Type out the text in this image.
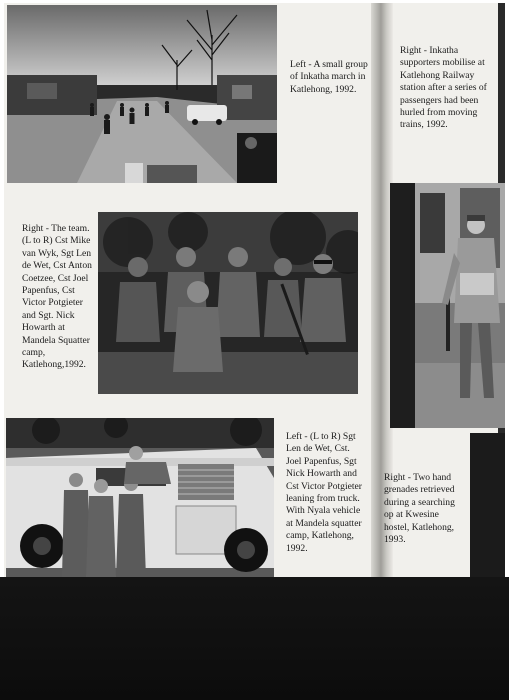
Left - A small group of Inkatha march in Katlehong, 1992.

Right - Inkatha supporters mobilise at Katlehong Railway station after a series of passengers had been hurled from moving trains, 1992.

Right - The team. (L to R) Cst Mike van Wyk, Sgt Len de Wet, Cst Anton Coetzee, Cst Joel Papenfus, Cst Victor Potgieter and Sgt. Nick Howarth at Mandela Squatter camp, Katlehong,1992.

Left - (L to R) Sgt Len de Wet, Cst. Joel Papenfus, Sgt Nick Howarth and Cst Victor Potgieter leaning from truck. With Nyala vehicle at Mandela squatter camp, Katlehong, 1992.

Right - Two hand grenades retrieved during a searching op at Kwesine hostel, Katlehong, 1993.
